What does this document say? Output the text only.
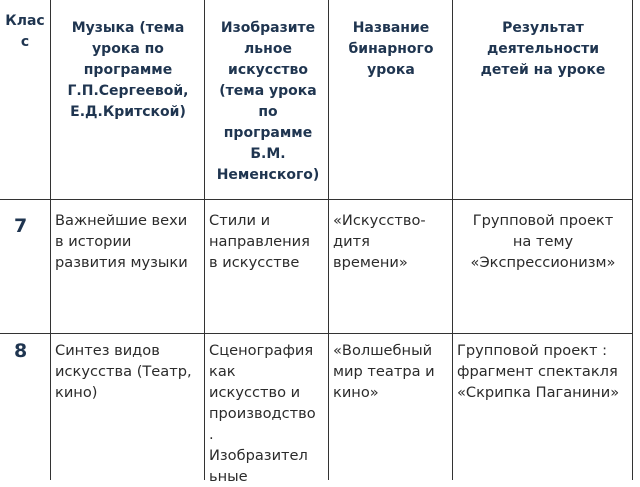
Клас
с
Музыка (тема
урока по
программе
Г.П.Сергеевой,
Е.Д.Критской)
Изобразите
льное
искусство
(тема урока
по
программе
Б.М.
Неменского)
Название
бинарного
урока
Результат
деятельности
детей на уроке
7 Важнейшие вехи
в истории
развития музыки
Стили и
направления
в искусстве
«Искусство-
дитя
времени»
Групповой проект
на тему
«Экспрессионизм»
8 Синтез видов
искусства (Театр,
кино)
Сценография
как
искусство и
производство
.
Изобразител
ьные
«Волшебный
мир театра и
кино»
Групповой проект :
фрагмент спектакля
«Скрипка Паганини»
